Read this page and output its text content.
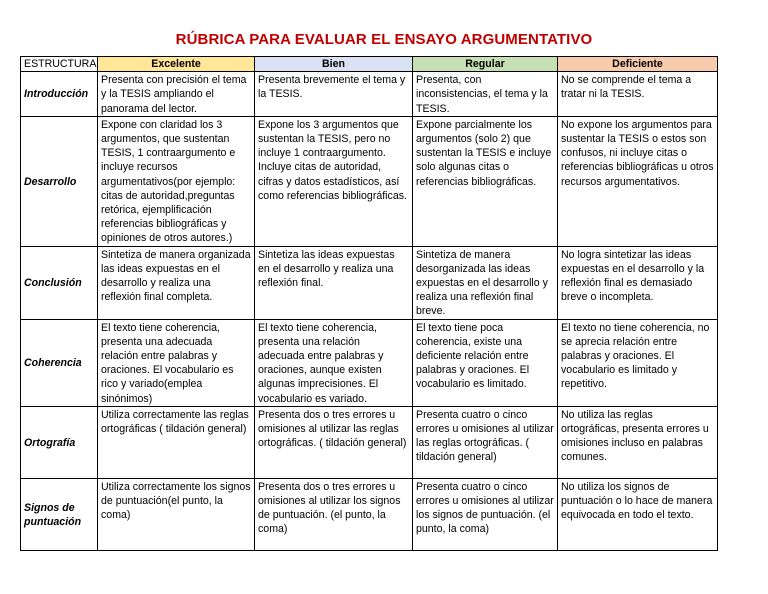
RÚBRICA PARA EVALUAR EL ENSAYO ARGUMENTATIVO
ESTRUCTURA	Excelente	Bien	Regular	Deficiente
Introducción	Presenta con precisión el tema y la TESIS ampliando el panorama del lector.	Presenta brevemente el tema y la TESIS.	Presenta, con inconsistencias, el tema y la TESIS.	No se comprende el tema a tratar ni la TESIS.
Desarrollo	Expone con claridad los 3 argumentos, que sustentan TESIS, 1 contraargumento e incluye recursos argumentativos(por ejemplo: citas de autoridad,preguntas retórica, ejemplificación referencias bibliográficas y opiniones de otros autores.)	Expone los 3 argumentos que sustentan la TESIS, pero no incluye 1 contraargumento. Incluye citas de autoridad, cifras y datos estadísticos, así como referencias bibliográficas.	Expone parcialmente los argumentos (solo 2) que sustentan la TESIS e incluye solo algunas citas o referencias bibliográficas.	No expone los argumentos para sustentar la TESIS o estos son confusos, ni incluye citas o referencias bibliográficas u otros recursos argumentativos.
Conclusión	Sintetiza de manera organizada las ideas expuestas en el desarrollo y realiza una reflexión final completa.	Sintetiza las ideas expuestas en el desarrollo y realiza una reflexión final.	Sintetiza de manera desorganizada las ideas expuestas en el desarrollo y realiza una reflexión final breve.	No logra sintetizar las ideas expuestas en el desarrollo y la reflexión final es demasiado breve o incompleta.
Coherencia	El texto tiene coherencia, presenta una adecuada relación entre palabras y oraciones. El vocabulario es rico y variado(emplea sinónimos)	El texto tiene coherencia, presenta una relación adecuada entre palabras y oraciones, aunque existen algunas imprecisiones. El vocabulario es variado.	El texto tiene poca coherencia, existe una deficiente relación entre palabras y oraciones. El vocabulario es limitado.	El texto no tiene coherencia, no se aprecia relación entre palabras y oraciones. El vocabulario es limitado y repetitivo.
Ortografía	Utiliza correctamente las reglas ortográficas ( tildación general)	Presenta dos o tres errores u omisiones al utilizar las reglas ortográficas. ( tildación general)	Presenta cuatro o cinco errores u omisiones al utilizar las reglas ortográficas. ( tildación general)	No utiliza las reglas ortográficas, presenta errores u omisiones incluso en palabras comunes.
Signos de puntuación	Utiliza correctamente los signos de puntuación(el punto, la coma)	Presenta dos o tres errores u omisiones al utilizar los signos de puntuación. (el punto, la coma)	Presenta cuatro o cinco errores u omisiones al utilizar los signos de puntuación. (el punto, la coma)	No utiliza los signos de puntuación o lo hace de manera equivocada en todo el texto.
